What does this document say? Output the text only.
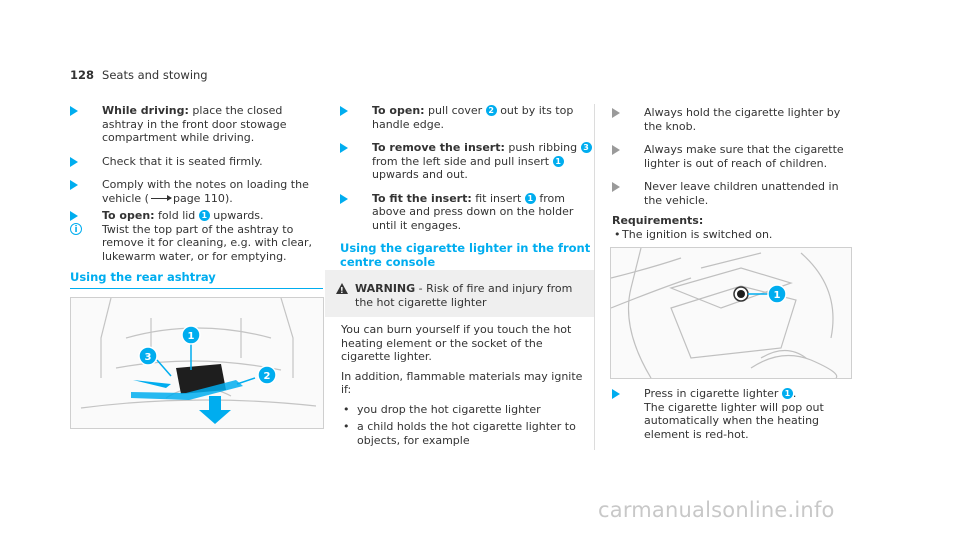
128 Seats and stowing
While driving: place the closed ashtray in the front door stowage compartment while driving.
Check that it is seated firmly.
Comply with the notes on loading the vehicle ( page 110).
To open: fold lid 1 upwards.
i	Twist the top part of the ashtray to remove it for cleaning, e.g. with clear, lukewarm water, or for emptying.
Using the rear ashtray
1
2
3
To open: pull cover 2 out by its top handle edge.
To remove the insert: push ribbing 3 from the left side and pull insert 1 upwards and out.
To fit the insert: fit insert 1 from above and press down on the holder until it engages.
Using the cigarette lighter in the front centre console
!
WARNING - Risk of fire and injury from the hot cigarette lighter

You can burn yourself if you touch the hot heating element or the socket of the cigarette lighter.

In addition, flammable materials may ignite if:

• you drop the hot cigarette lighter
• a child holds the hot cigarette lighter to objects, for example
Always hold the cigarette lighter by the knob.
Always make sure that the cigarette lighter is out of reach of children.
Never leave children unattended in the vehicle.
Requirements:
• The ignition is switched on.
1
Press in cigarette lighter 1 .
The cigarette lighter will pop out automatically when the heating element is red-hot.
carmanualsonline.info
